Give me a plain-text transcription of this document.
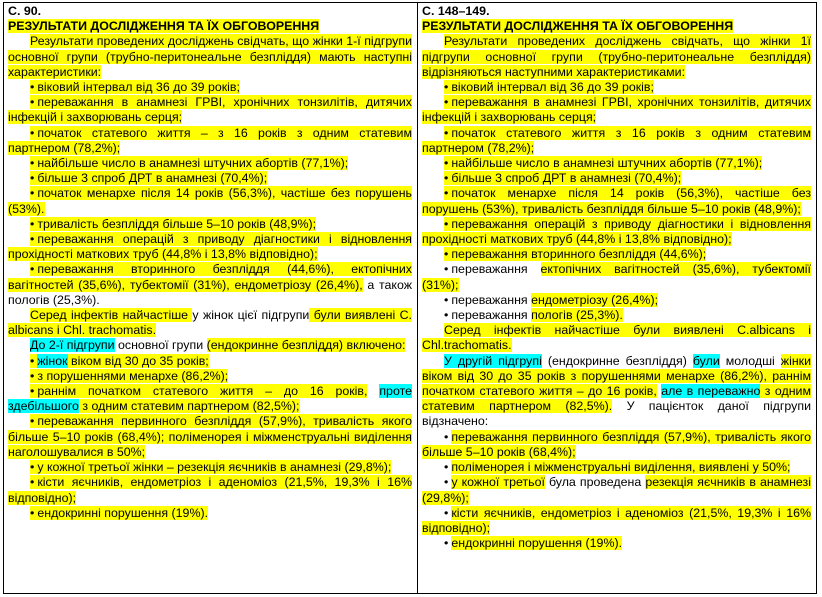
С. 90.
РЕЗУЛЬТАТИ ДОСЛІДЖЕННЯ ТА ЇХ ОБГОВОРЕННЯ

Результати проведених досліджень свідчать, що жінки 1-ї підгрупи основної групи (трубно-перитонеальне безпліддя) мають наступні характеристики:

• віковий інтервал від 36 до 39 років;

• переважання в анамнезі ГРВІ, хронічних тонзилітів, дитячих інфекцій і захворювань серця;

• початок статевого життя – з 16 років з одним статевим партнером (78,2%);

• найбільше число в анамнезі штучних абортів (77,1%);

• більше 3 спроб ДРТ в анамнезі (70,4%);

• початок менархе після 14 років (56,3%), частіше без порушень (53%).

• тривалість безпліддя більше 5–10 років (48,9%);

• переважання операцій з приводу діагностики і відновлення прохідності маткових труб (44,8% і 13,8% відповідно);

• переважання вторинного безпліддя (44,6%), ектопічних вагітностей (35,6%), тубектомії (31%), ендометріозу (26,4%), а також пологів (25,3%).

Серед інфектів найчастіше у жінок цієї підгрупи були виявлені C. albicans і Chl. trachomatis.

До 2-ї підгрупи основної групи (ендокринне безпліддя) включено:

• жінок віком від 30 до 35 років;

• з порушеннями менархе (86,2%);

• раннім початком статевого життя – до 16 років, проте здебільшого з одним статевим партнером (82,5%);

• переважання первинного безпліддя (57,9%), тривалість якого більше 5–10 років (68,4%); поліменорея і міжменструальні виділення наголошувалися в 50%;

• у кожної третьої жінки – резекція яєчників в анамнезі (29,8%);

• кісти яєчників, ендометріоз і аденоміоз (21,5%, 19,3% і 16% відповідно);

• ендокринні порушення (19%).

С. 148–149.
РЕЗУЛЬТАТИ ДОСЛІДЖЕННЯ ТА ЇХ ОБГОВОРЕННЯ

Результати проведених досліджень свідчать, що жінки 1ї підгрупи основної групи (трубно-перитонеальне безпліддя) відрізняються наступними характеристиками:

• віковий інтервал від 36 до 39 років;

• переважання в анамнезі ГРВІ, хронічних тонзилітів, дитячих інфекцій і захворювань серця;

• початок статевого життя з 16 років з одним статевим партнером (78,2%);

• найбільше число в анамнезі штучних абортів (77,1%);

• більше 3 спроб ДРТ в анамнезі (70,4%);

• початок менархе після 14 років (56,3%), частіше без порушень (53%), тривалість безпліддя більше 5–10 років (48,9%);

• переважання операцій з приводу діагностики і відновлення прохідності маткових труб (44,8% і 13,8% відповідно);

• переважання вторинного безпліддя (44,6%);

• переважання ектопічних вагітностей (35,6%), тубектомії (31%);

• переважання ендометріозу (26,4%);

• переважання пологів (25,3%).

Серед інфектів найчастіше були виявлені C.albicans і Chl.trachomatis.

У другій підгрупі (ендокринне безпліддя) були молодші жінки віком від 30 до 35 років з порушеннями менархе (86,2%), раннім початком статевого життя – до 16 років, але в переважно з одним статевим партнером (82,5%). У пацієнток даної підгрупи відзначено:

• переважання первинного безпліддя (57,9%), тривалість якого більше 5–10 років (68,4%);

• поліменорея і міжменструальні виділення, виявлені у 50%;

• у кожної третьої була проведена резекція яєчників в анамнезі (29,8%);

• кісти яєчників, ендометріоз і аденоміоз (21,5%, 19,3% і 16% відповідно);

• ендокринні порушення (19%).
